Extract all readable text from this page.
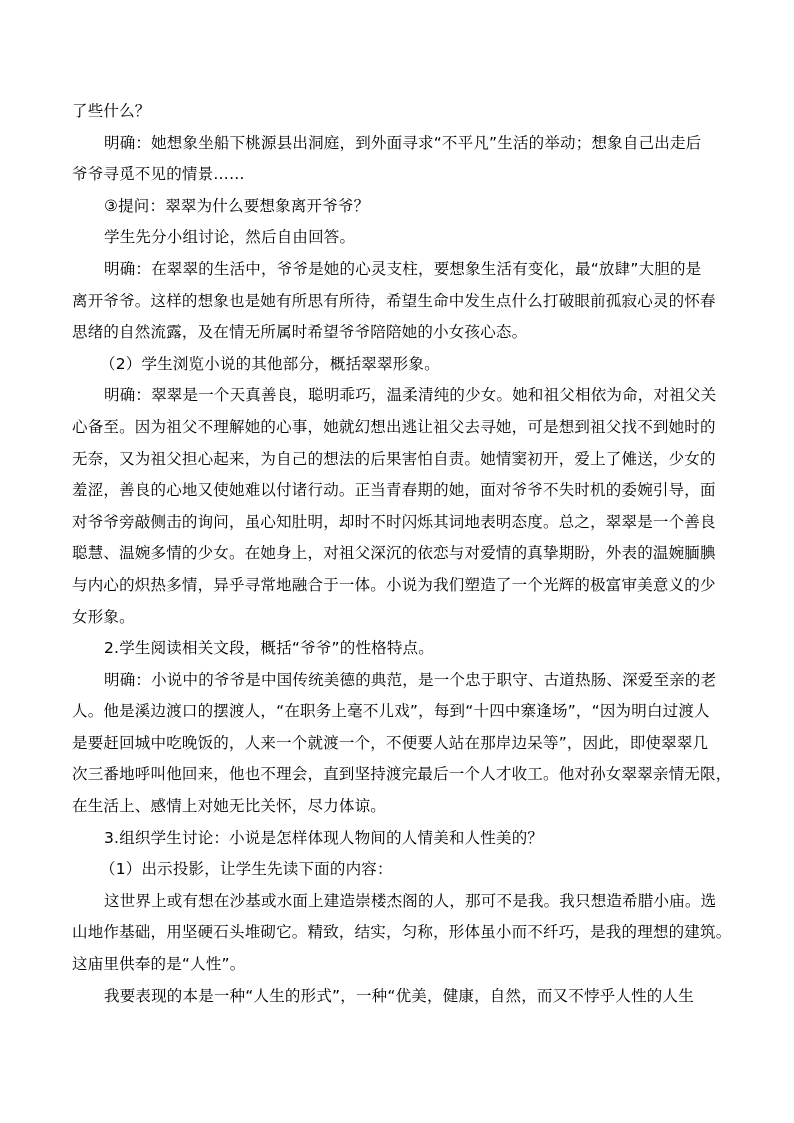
了些什么？
明确：她想象坐船下桃源县出洞庭，到外面寻求“不平凡”生活的举动；想象自己出走后
爷爷寻觅不见的情景……
③提问：翠翠为什么要想象离开爷爷？
学生先分小组讨论，然后自由回答。
明确：在翠翠的生活中，爷爷是她的心灵支柱，要想象生活有变化，最“放肆”大胆的是
离开爷爷。这样的想象也是她有所思有所待，希望生命中发生点什么打破眼前孤寂心灵的怀春
思绪的自然流露，及在情无所属时希望爷爷陪陪她的小女孩心态。
（2）学生浏览小说的其他部分，概括翠翠形象。
明确：翠翠是一个天真善良，聪明乖巧，温柔清纯的少女。她和祖父相依为命，对祖父关
心备至。因为祖父不理解她的心事，她就幻想出逃让祖父去寻她，可是想到祖父找不到她时的
无奈，又为祖父担心起来，为自己的想法的后果害怕自责。她情窦初开，爱上了傩送，少女的
羞涩，善良的心地又使她难以付诸行动。正当青春期的她，面对爷爷不失时机的委婉引导，面
对爷爷旁敲侧击的询问，虽心知肚明，却时不时闪烁其词地表明态度。总之，翠翠是一个善良
聪慧、温婉多情的少女。在她身上，对祖父深沉的依恋与对爱情的真挚期盼，外表的温婉腼腆
与内心的炽热多情，异乎寻常地融合于一体。小说为我们塑造了一个光辉的极富审美意义的少
女形象。
2.学生阅读相关文段，概括“爷爷”的性格特点。
明确：小说中的爷爷是中国传统美德的典范，是一个忠于职守、古道热肠、深爱至亲的老
人。他是溪边渡口的摆渡人，“在职务上毫不儿戏”，每到“十四中寨逢场”，“因为明白过渡人
是要赶回城中吃晚饭的，人来一个就渡一个，不便要人站在那岸边呆等”，因此，即使翠翠几
次三番地呼叫他回来，他也不理会，直到坚持渡完最后一个人才收工。他对孙女翠翠亲情无限，
在生活上、感情上对她无比关怀，尽力体谅。
3.组织学生讨论：小说是怎样体现人物间的人情美和人性美的？
（1）出示投影，让学生先读下面的内容：
这世界上或有想在沙基或水面上建造崇楼杰阁的人，那可不是我。我只想造希腊小庙。选
山地作基础，用坚硬石头堆砌它。精致，结实，匀称，形体虽小而不纤巧，是我的理想的建筑。
这庙里供奉的是“人性”。
我要表现的本是一种“人生的形式”，一种“优美，健康，自然，而又不悖乎人性的人生
